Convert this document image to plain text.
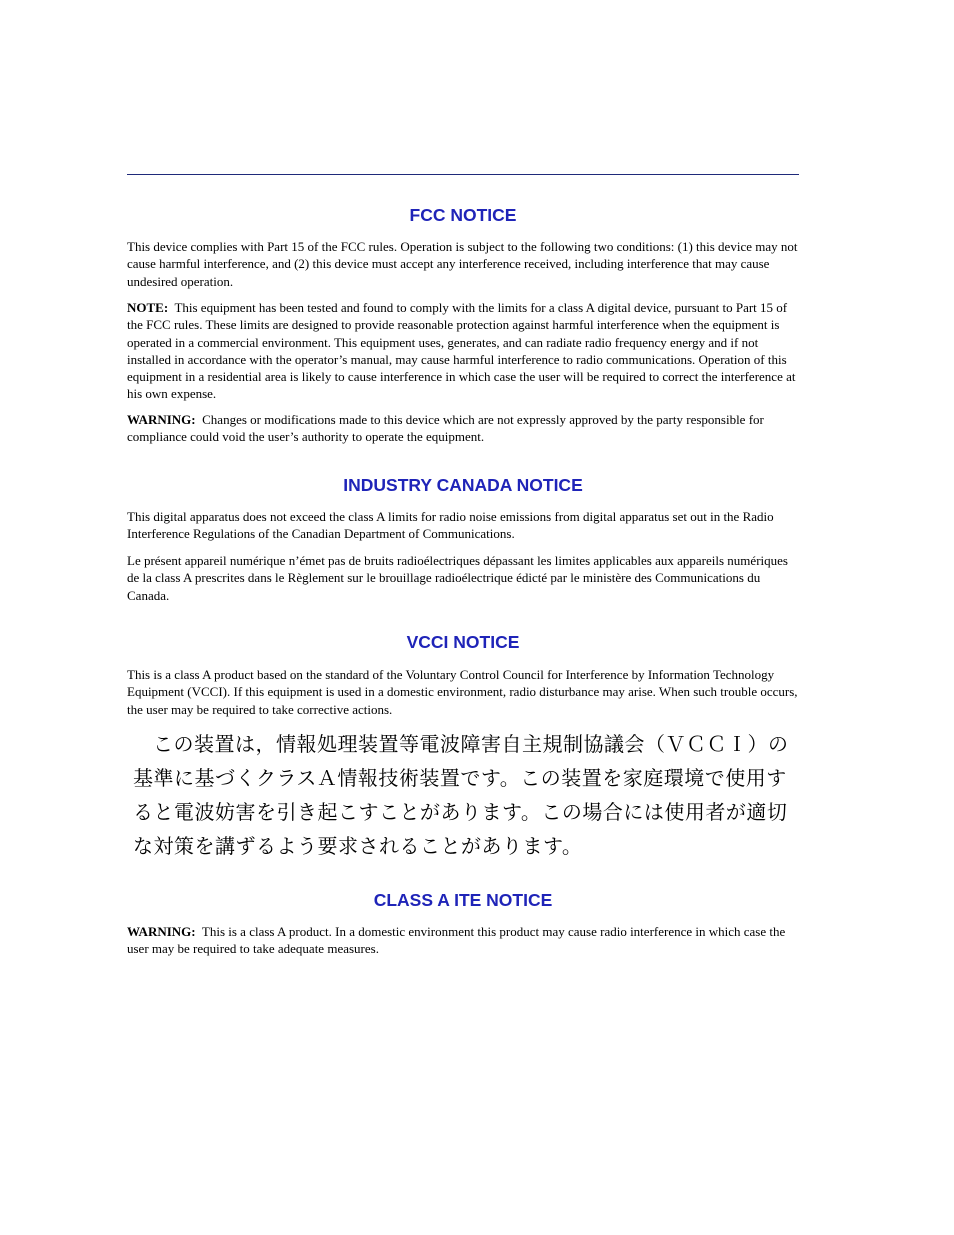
FCC NOTICE

This device complies with Part 15 of the FCC rules. Operation is subject to the following two conditions: (1) this device may not cause harmful interference, and (2) this device must accept any interference received, including interference that may cause undesired operation.

NOTE: This equipment has been tested and found to comply with the limits for a class A digital device, pursuant to Part 15 of the FCC rules. These limits are designed to provide reasonable protection against harmful interference when the equipment is operated in a commercial environment. This equipment uses, generates, and can radiate radio frequency energy and if not installed in accordance with the operator’s manual, may cause harmful interference to radio communications. Operation of this equipment in a residential area is likely to cause interference in which case the user will be required to correct the interference at his own expense.

WARNING: Changes or modifications made to this device which are not expressly approved by the party responsible for compliance could void the user’s authority to operate the equipment.

INDUSTRY CANADA NOTICE

This digital apparatus does not exceed the class A limits for radio noise emissions from digital apparatus set out in the Radio Interference Regulations of the Canadian Department of Communications.

Le présent appareil numérique n’émet pas de bruits radioélectriques dépassant les limites applicables aux appareils numériques de la class A prescrites dans le Règlement sur le brouillage radioélectrique édicté par le ministère des Communications du Canada.

VCCI NOTICE

This is a class A product based on the standard of the Voluntary Control Council for Interference by Information Technology Equipment (VCCI). If this equipment is used in a domestic environment, radio disturbance may arise. When such trouble occurs, the user may be required to take corrective actions.

この装置は，情報処理装置等電波障害自主規制協議会（ＶＣＣＩ）の基準に基づくクラスＡ情報技術装置です。この装置を家庭環境で使用すると電波妨害を引き起こすことがあります。この場合には使用者が適切な対策を講ずるよう要求されることがあります。

CLASS A ITE NOTICE

WARNING: This is a class A product. In a domestic environment this product may cause radio interference in which case the user may be required to take adequate measures.
